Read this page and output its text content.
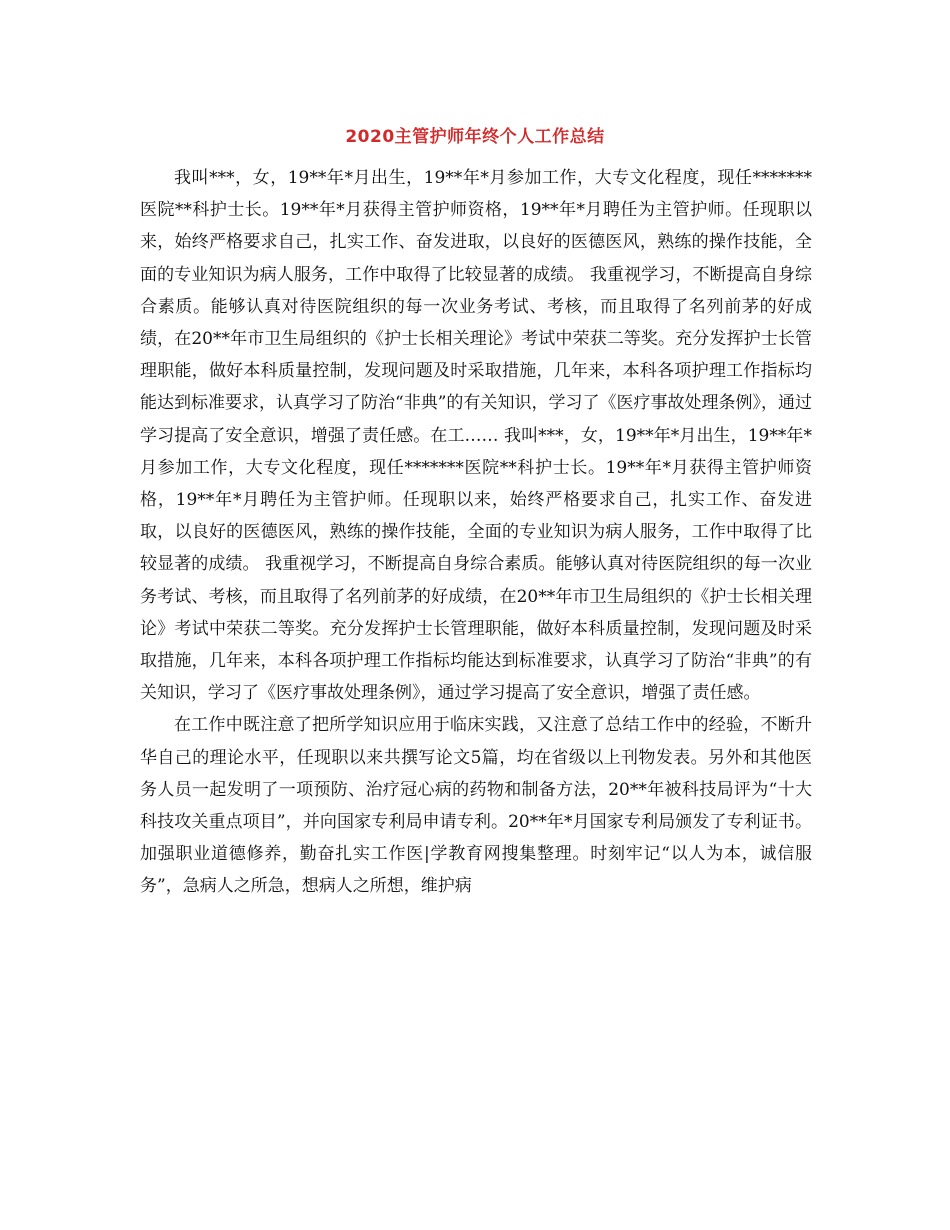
2020主管护师年终个人工作总结

我叫***，女，19**年*月出生，19**年*月参加工作，大专文化程度，现任*******医院**科护士长。19**年*月获得主管护师资格，19**年*月聘任为主管护师。任现职以来，始终严格要求自己，扎实工作、奋发进取，以良好的医德医风，熟练的操作技能，全面的专业知识为病人服务，工作中取得了比较显著的成绩。 我重视学习，不断提高自身综合素质。能够认真对待医院组织的每一次业务考试、考核，而且取得了名列前茅的好成绩，在20**年市卫生局组织的《护士长相关理论》考试中荣获二等奖。充分发挥护士长管理职能，做好本科质量控制，发现问题及时采取措施，几年来，本科各项护理工作指标均能达到标准要求，认真学习了防治“非典”的有关知识，学习了《医疗事故处理条例》，通过学习提高了安全意识，增强了责任感。在工…… 我叫***，女，19**年*月出生，19**年*月参加工作，大专文化程度，现任*******医院**科护士长。19**年*月获得主管护师资格，19**年*月聘任为主管护师。任现职以来，始终严格要求自己，扎实工作、奋发进取，以良好的医德医风，熟练的操作技能，全面的专业知识为病人服务，工作中取得了比较显著的成绩。 我重视学习，不断提高自身综合素质。能够认真对待医院组织的每一次业务考试、考核，而且取得了名列前茅的好成绩，在20**年市卫生局组织的《护士长相关理论》考试中荣获二等奖。充分发挥护士长管理职能，做好本科质量控制，发现问题及时采取措施，几年来，本科各项护理工作指标均能达到标准要求，认真学习了防治“非典”的有关知识，学习了《医疗事故处理条例》，通过学习提高了安全意识，增强了责任感。

在工作中既注意了把所学知识应用于临床实践，又注意了总结工作中的经验，不断升华自己的理论水平，任现职以来共撰写论文5篇，均在省级以上刊物发表。另外和其他医务人员一起发明了一项预防、治疗冠心病的药物和制备方法，20**年被科技局评为“十大科技攻关重点项目”，并向国家专利局申请专利。20**年*月国家专利局颁发了专利证书。 加强职业道德修养，勤奋扎实工作医|学教育网搜集整理。时刻牢记“以人为本，诚信服务”，急病人之所急，想病人之所想，维护病
